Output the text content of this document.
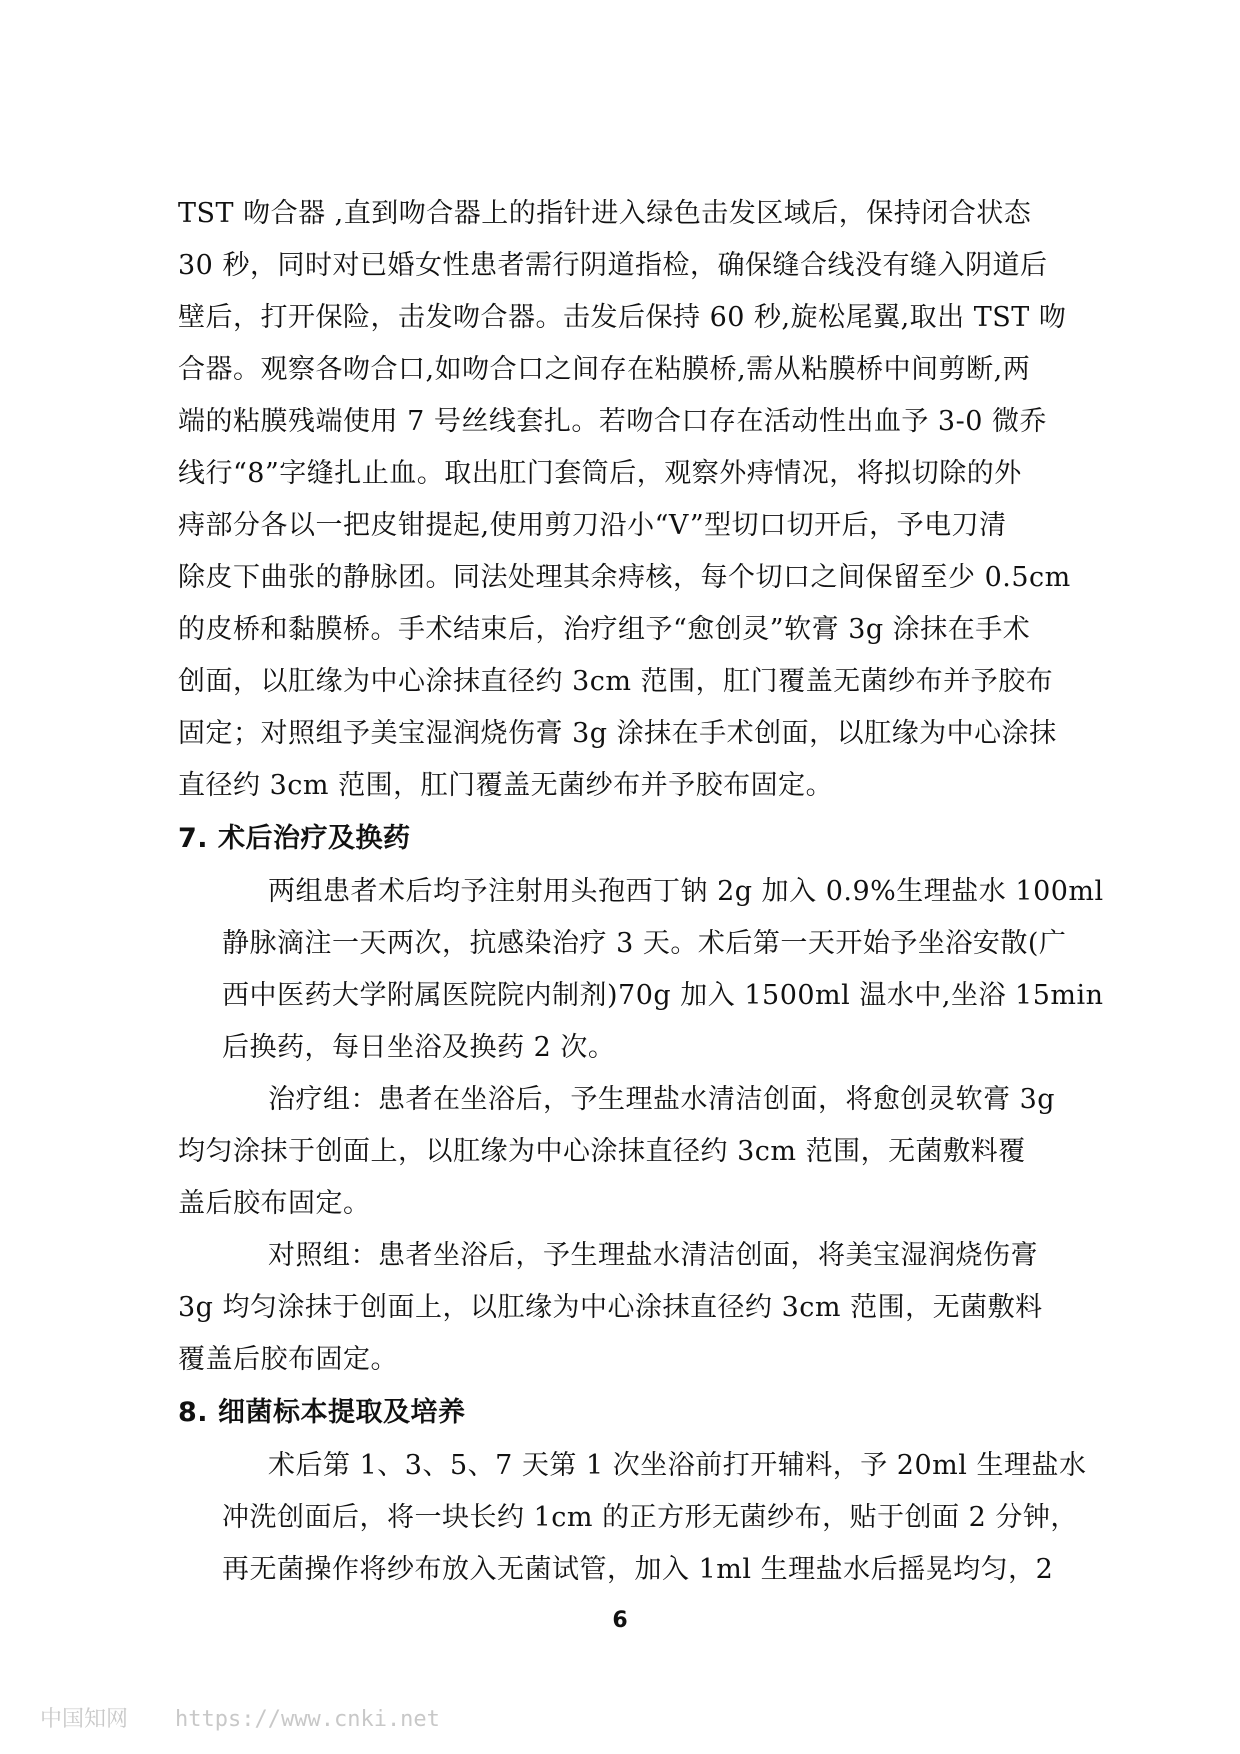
TST 吻合器 ,直到吻合器上的指针进入绿色击发区域后，保持闭合状态
30 秒，同时对已婚女性患者需行阴道指检，确保缝合线没有缝入阴道后
壁后，打开保险，击发吻合器。击发后保持 60 秒,旋松尾翼,取出 TST 吻
合器。观察各吻合口,如吻合口之间存在粘膜桥,需从粘膜桥中间剪断,两
端的粘膜残端使用 7 号丝线套扎。若吻合口存在活动性出血予 3-0 微乔
线行“8”字缝扎止血。取出肛门套筒后，观察外痔情况，将拟切除的外
痔部分各以一把皮钳提起,使用剪刀沿小“V”型切口切开后，予电刀清
除皮下曲张的静脉团。同法处理其余痔核，每个切口之间保留至少 0.5cm
的皮桥和黏膜桥。手术结束后，治疗组予“愈创灵”软膏 3g 涂抹在手术
创面，以肛缘为中心涂抹直径约 3cm 范围，肛门覆盖无菌纱布并予胶布
固定；对照组予美宝湿润烧伤膏 3g 涂抹在手术创面，以肛缘为中心涂抹
直径约 3cm 范围，肛门覆盖无菌纱布并予胶布固定。
7. 术后治疗及换药
两组患者术后均予注射用头孢西丁钠 2g 加入 0.9%生理盐水 100ml
静脉滴注一天两次，抗感染治疗 3 天。术后第一天开始予坐浴安散(广
西中医药大学附属医院院内制剂)70g 加入 1500ml 温水中,坐浴 15min
后换药，每日坐浴及换药 2 次。
治疗组：患者在坐浴后，予生理盐水清洁创面，将愈创灵软膏 3g
均匀涂抹于创面上，以肛缘为中心涂抹直径约 3cm 范围，无菌敷料覆
盖后胶布固定。
对照组：患者坐浴后，予生理盐水清洁创面，将美宝湿润烧伤膏
3g 均匀涂抹于创面上，以肛缘为中心涂抹直径约 3cm 范围，无菌敷料
覆盖后胶布固定。
8. 细菌标本提取及培养
术后第 1、3、5、7 天第 1 次坐浴前打开辅料，予 20ml 生理盐水
冲洗创面后，将一块长约 1cm 的正方形无菌纱布，贴于创面 2 分钟，
再无菌操作将纱布放入无菌试管，加入 1ml 生理盐水后摇晃均匀，2
6
中国知网 https://www.cnki.net
